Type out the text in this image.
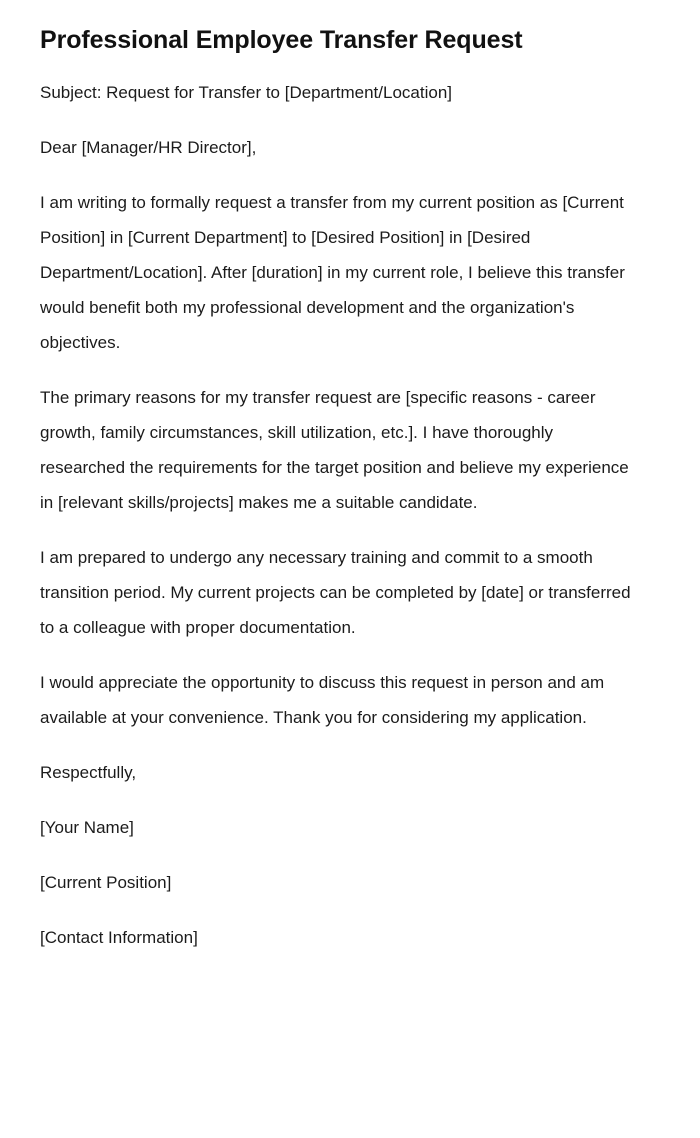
Professional Employee Transfer Request

Subject: Request for Transfer to [Department/Location]

Dear [Manager/HR Director],

I am writing to formally request a transfer from my current position as [Current Position] in [Current Department] to [Desired Position] in [Desired Department/Location]. After [duration] in my current role, I believe this transfer would benefit both my professional development and the organization's objectives.

The primary reasons for my transfer request are [specific reasons - career growth, family circumstances, skill utilization, etc.]. I have thoroughly researched the requirements for the target position and believe my experience in [relevant skills/projects] makes me a suitable candidate.

I am prepared to undergo any necessary training and commit to a smooth transition period. My current projects can be completed by [date] or transferred to a colleague with proper documentation.

I would appreciate the opportunity to discuss this request in person and am available at your convenience. Thank you for considering my application.

Respectfully,

[Your Name]

[Current Position]

[Contact Information]
